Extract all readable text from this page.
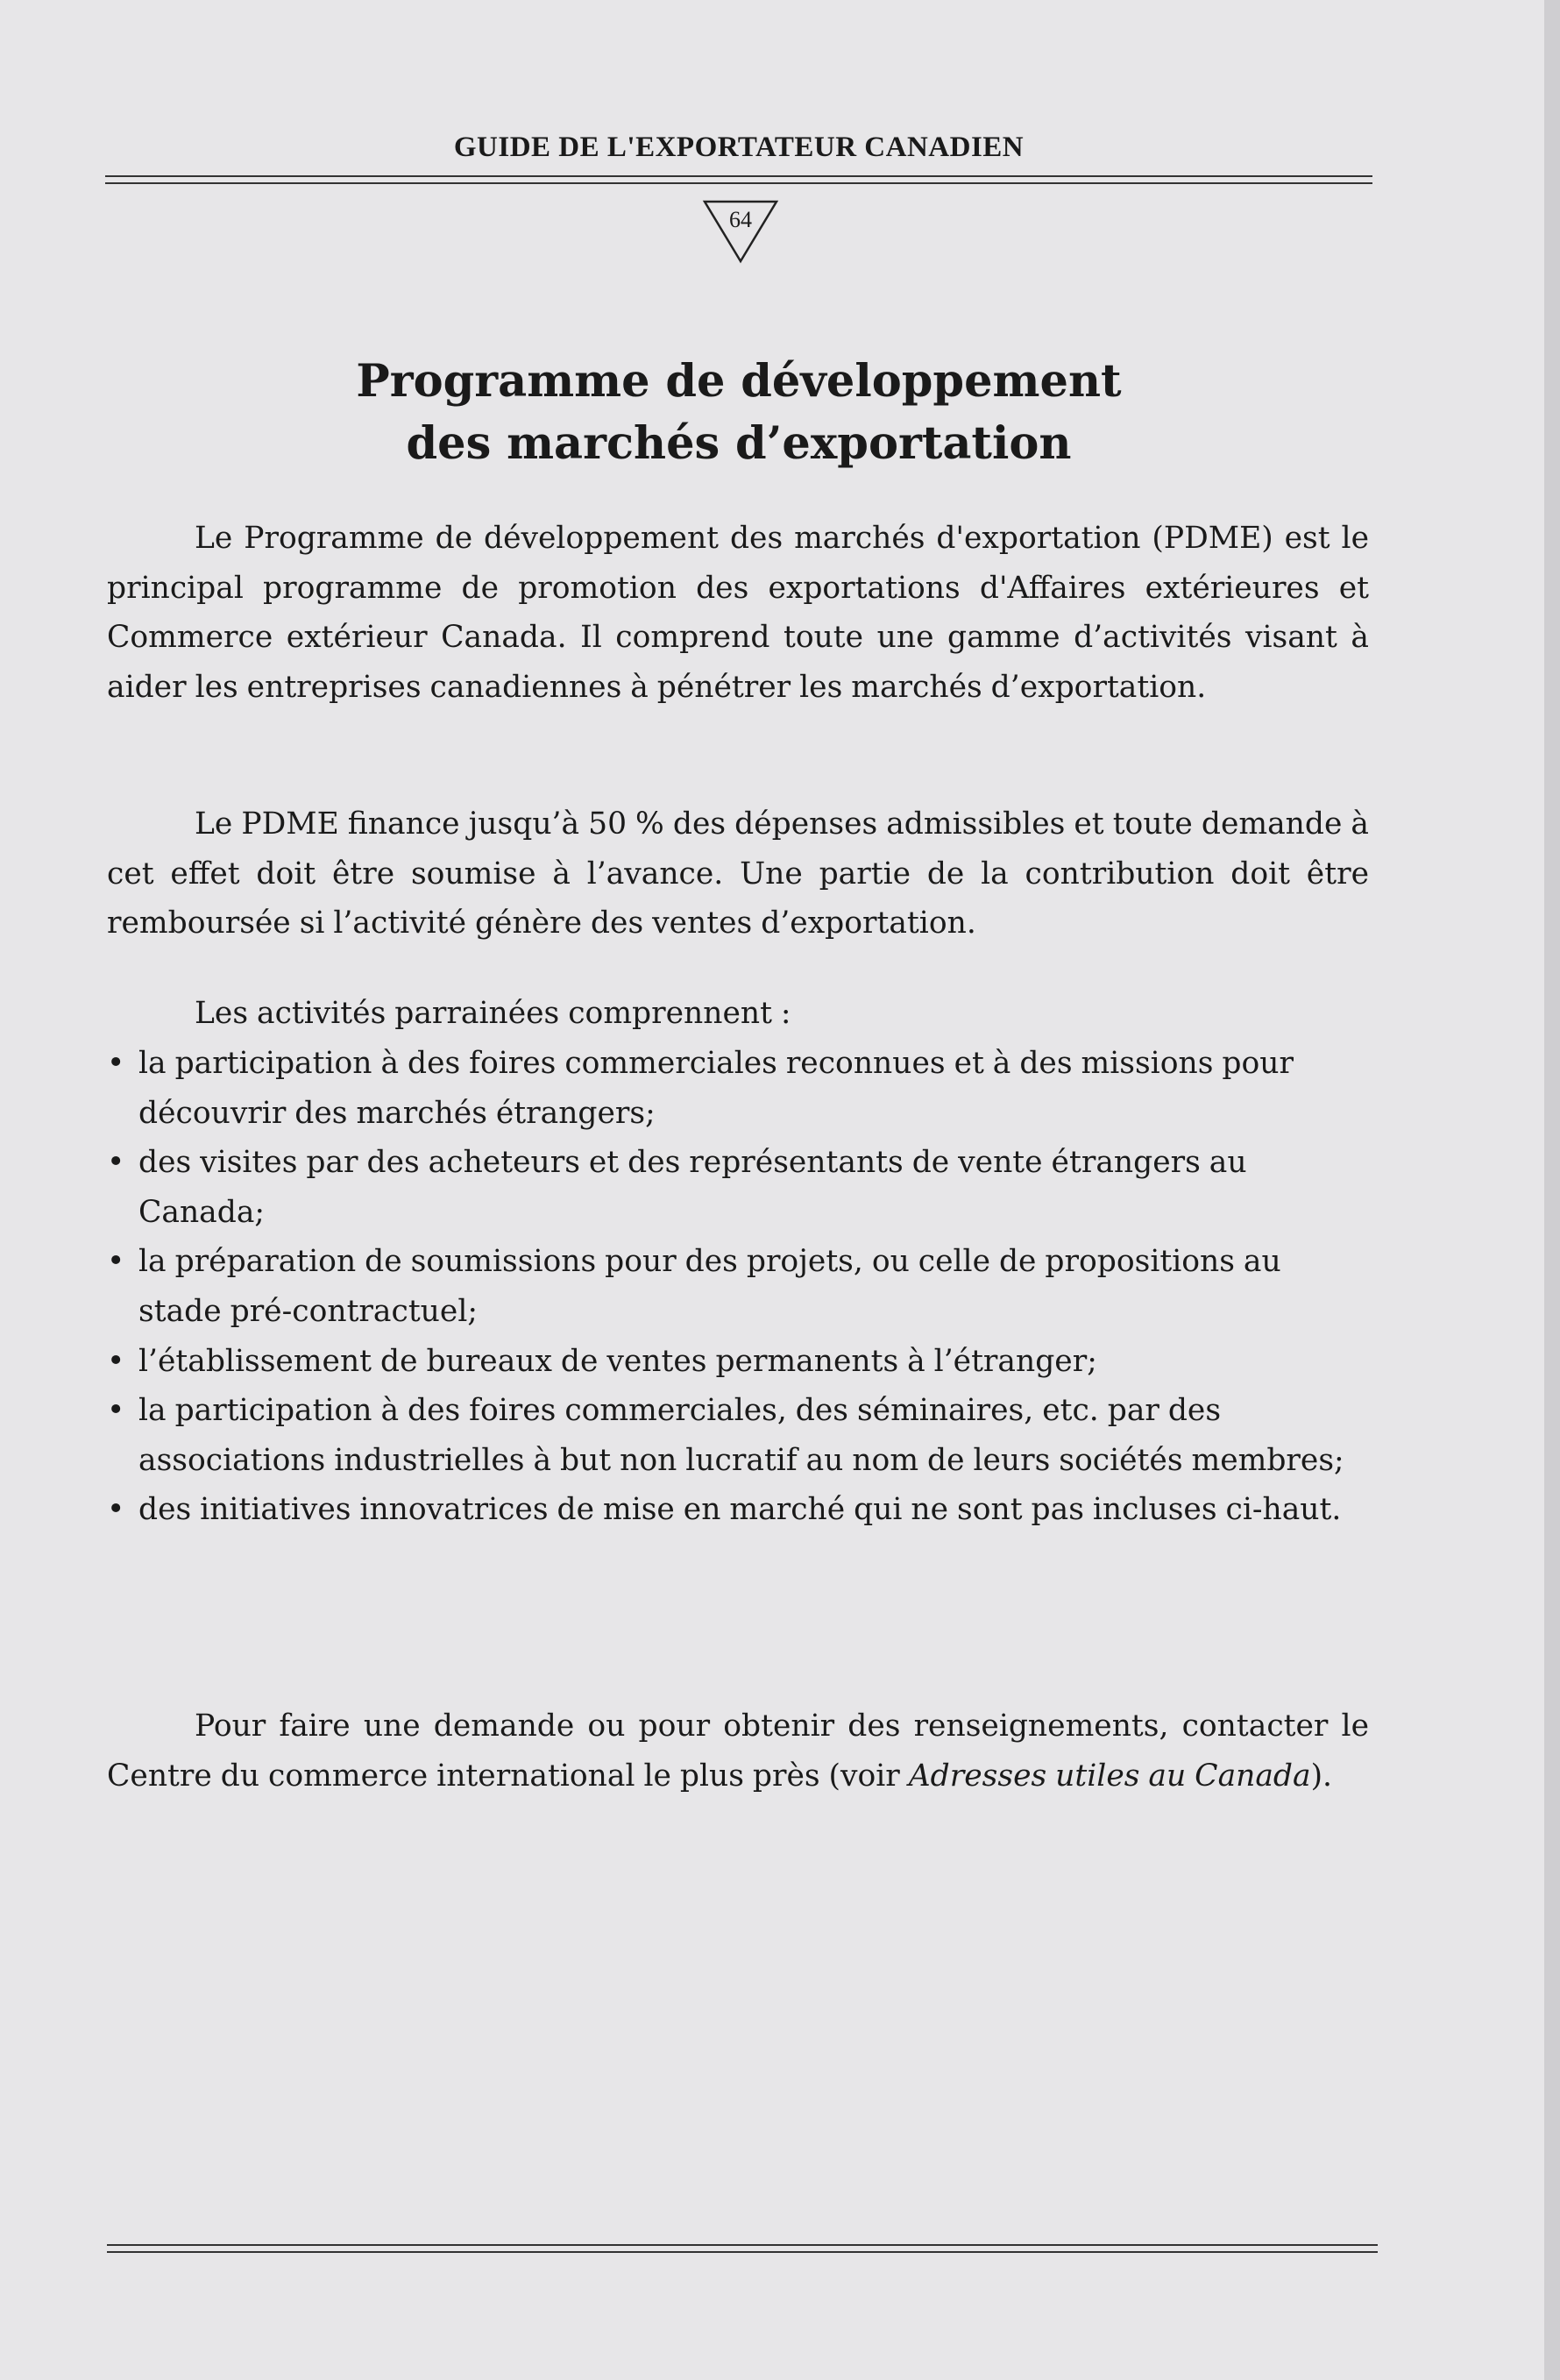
GUIDE DE L'EXPORTATEUR CANADIEN
64
Programme de développement
des marchés d’exportation

Le Programme de développement des marchés d'exportation (PDME) est le principal programme de promotion des exportations d'Affaires extérieures et Commerce extérieur Canada. Il comprend toute une gamme d’activités visant à aider les entreprises canadiennes à pénétrer les marchés d’exportation.

Le PDME finance jusqu’à 50 % des dépenses admissibles et toute demande à cet effet doit être soumise à l’avance. Une partie de la contribution doit être remboursée si l’activité génère des ventes d’exportation.

Les activités parrainées comprennent :

• la participation à des foires commerciales reconnues et à des missions pour découvrir des marchés étrangers;
• des visites par des acheteurs et des représentants de vente étrangers au Canada;
• la préparation de soumissions pour des projets, ou celle de propositions au stade pré-contractuel;
• l’établissement de bureaux de ventes permanents à l’étranger;
• la participation à des foires commerciales, des séminaires, etc. par des associations industrielles à but non lucratif au nom de leurs sociétés membres;
• des initiatives innovatrices de mise en marché qui ne sont pas incluses ci-haut.

Pour faire une demande ou pour obtenir des renseignements, contacter le Centre du commerce international le plus près (voir Adresses utiles au Canada).
